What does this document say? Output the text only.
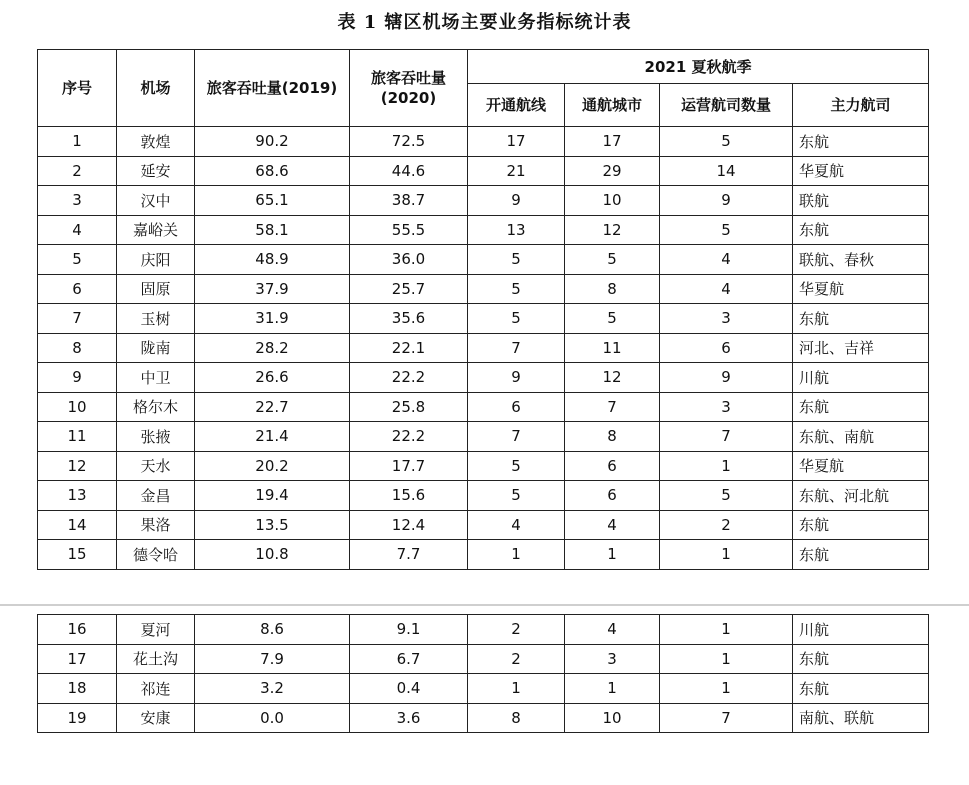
表 1 辖区机场主要业务指标统计表
序号	机场	旅客吞吐量(2019)	旅客吞吐量
(2020)	2021 夏秋航季			
				开通航线	通航城市	运营航司数量	主力航司
1	敦煌	90.2	72.5	17	17	5	东航
2	延安	68.6	44.6	21	29	14	华夏航
3	汉中	65.1	38.7	9	10	9	联航
4	嘉峪关	58.1	55.5	13	12	5	东航
5	庆阳	48.9	36.0	5	5	4	联航、春秋
6	固原	37.9	25.7	5	8	4	华夏航
7	玉树	31.9	35.6	5	5	3	东航
8	陇南	28.2	22.1	7	11	6	河北、吉祥
9	中卫	26.6	22.2	9	12	9	川航
10	格尔木	22.7	25.8	6	7	3	东航
11	张掖	21.4	22.2	7	8	7	东航、南航
12	天水	20.2	17.7	5	6	1	华夏航
13	金昌	19.4	15.6	5	6	5	东航、河北航
14	果洛	13.5	12.4	4	4	2	东航
15	德令哈	10.8	7.7	1	1	1	东航
16	夏河	8.6	9.1	2	4	1	川航
17	花土沟	7.9	6.7	2	3	1	东航
18	祁连	3.2	0.4	1	1	1	东航
19	安康	0.0	3.6	8	10	7	南航、联航
